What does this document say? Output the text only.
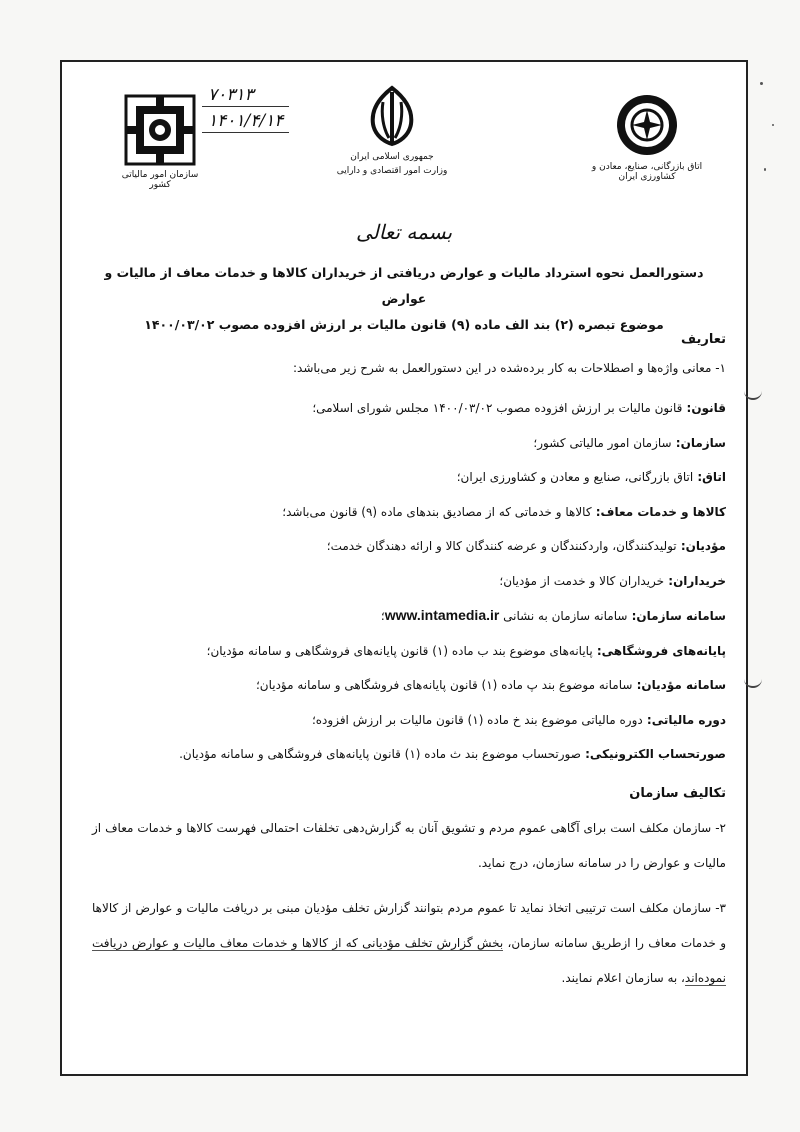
سازمان امور مالیاتی کشور
۷۰۳۱۳
۱۴۰۱/۴/۱۴
جمهوری اسلامی ایران
وزارت امور اقتصادی و دارایی	اتاق بازرگانی، صنایع، معادن و کشاورزی ایران
بسمه تعالی
دستورالعمل نحوه استرداد مالیات و عوارض دریافتی از خریداران کالاها و خدمات معاف از مالیات و عوارض
موضوع تبصره (۲) بند الف ماده (۹) قانون مالیات بر ارزش افزوده مصوب ۱۴۰۰/۰۳/۰۲
تعاریف

۱- معانی واژه‌ها و اصطلاحات به کار برده‌شده در این دستورالعمل به شرح زیر می‌باشد:

قانون : قانون مالیات بر ارزش افزوده مصوب ۱۴۰۰/۰۳/۰۲ مجلس شورای اسلامی؛

سازمان : سازمان امور مالیاتی کشور؛

اتاق : اتاق بازرگانی، صنایع و معادن و کشاورزی ایران؛

کالاها و خدمات معاف : کالاها و خدماتی که از مصادیق بندهای ماده (۹) قانون می‌باشد؛

مؤدیان : تولیدکنندگان، واردکنندگان و عرضه کنندگان کالا و ارائه دهندگان خدمت؛

خریداران : خریداران کالا و خدمت از مؤدیان؛

سامانه سازمان : سامانه سازمان به نشانی www.intamedia.ir؛

پایانه‌های فروشگاهی : پایانه‌های موضوع بند ب ماده (۱) قانون پایانه‌های فروشگاهی و سامانه مؤدیان؛

سامانه مؤدیان : سامانه موضوع بند پ ماده (۱) قانون پایانه‌های فروشگاهی و سامانه مؤدیان؛

دوره مالیاتی : دوره مالیاتی موضوع بند خ ماده (۱) قانون مالیات بر ارزش افزوده؛

صورتحساب الکترونیکی : صورتحساب موضوع بند ث ماده (۱) قانون پایانه‌های فروشگاهی و سامانه مؤدیان.

تکالیف سازمان

۲- سازمان مکلف است برای آگاهی عموم مردم و تشویق آنان به گزارش‌دهی تخلفات احتمالی فهرست کالاها و خدمات معاف از مالیات و عوارض را در سامانه سازمان، درج نماید.

۳- سازمان مکلف است ترتیبی اتخاذ نماید تا عموم مردم بتوانند گزارش تخلف مؤدیان مبنی بر دریافت مالیات و عوارض از کالاها و خدمات معاف را ازطریق سامانه سازمان، بخش گزارش تخلف مؤدیانی که از کالاها و خدمات معاف مالیات و عوارض دریافت نموده‌اند، به سازمان اعلام نمایند.
